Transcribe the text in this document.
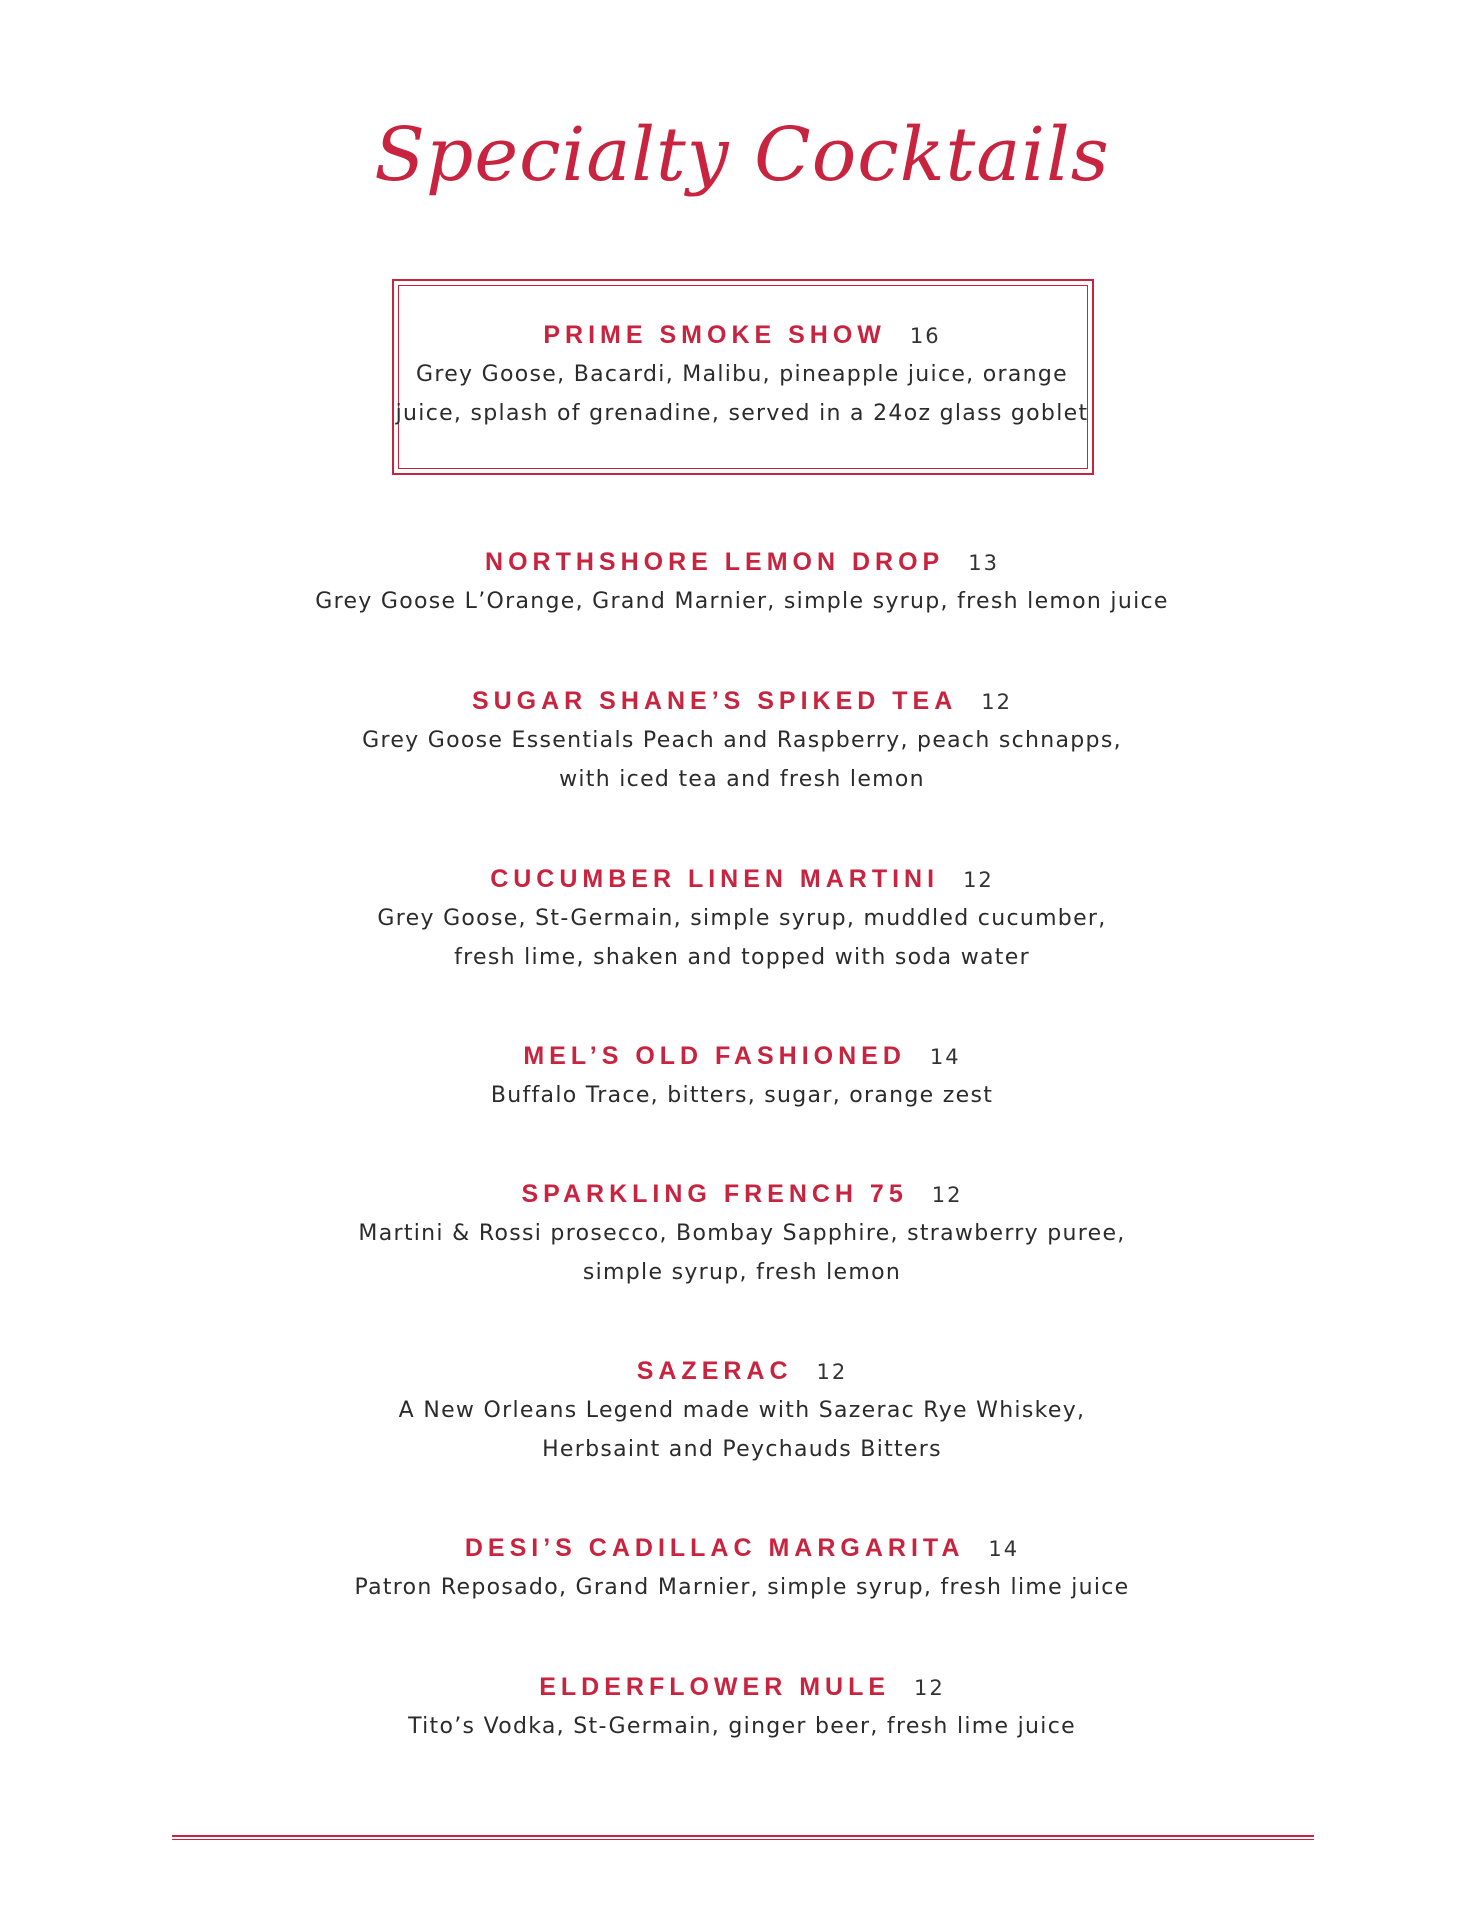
Specialty Cocktails
PRIME SMOKE SHOW 16
Grey Goose, Bacardi, Malibu, pineapple juice, orange
juice, splash of grenadine, served in a 24oz glass goblet
NORTHSHORE LEMON DROP 13
Grey Goose L’Orange, Grand Marnier, simple syrup, fresh lemon juice
SUGAR SHANE’S SPIKED TEA 12
Grey Goose Essentials Peach and Raspberry, peach schnapps,
with iced tea and fresh lemon
CUCUMBER LINEN MARTINI 12
Grey Goose, St-Germain, simple syrup, muddled cucumber,
fresh lime, shaken and topped with soda water
MEL’S OLD FASHIONED 14
Buffalo Trace, bitters, sugar, orange zest
SPARKLING FRENCH 75 12
Martini & Rossi prosecco, Bombay Sapphire, strawberry puree,
simple syrup, fresh lemon
SAZERAC 12
A New Orleans Legend made with Sazerac Rye Whiskey,
Herbsaint and Peychauds Bitters
DESI’S CADILLAC MARGARITA 14
Patron Reposado, Grand Marnier, simple syrup, fresh lime juice
ELDERFLOWER MULE 12
Tito’s Vodka, St-Germain, ginger beer, fresh lime juice
